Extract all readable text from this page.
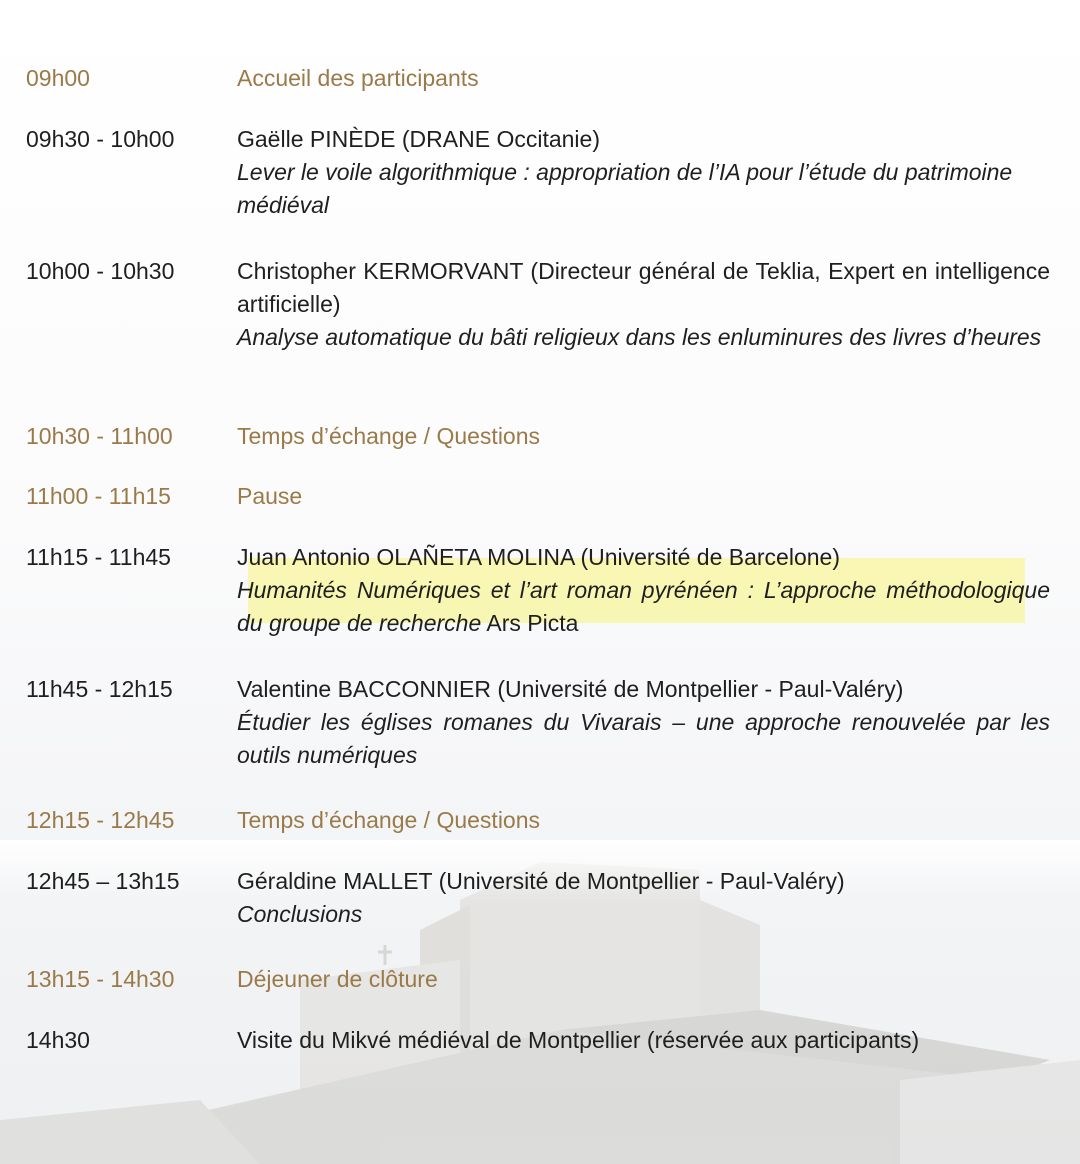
09h00	Accueil des participants
09h30 - 10h00	Gaëlle PINÈDE (DRANE Occitanie)
Lever le voile algorithmique : appropriation de l’IA pour l’étude du patrimoine médiéval
10h00 - 10h30	Christopher KERMORVANT (Directeur général de Teklia, Expert en intelligence artificielle)
Analyse automatique du bâti religieux dans les enluminures des livres d’heures
10h30 - 11h00	Temps d’échange / Questions
11h00 - 11h15	Pause
11h15 - 11h45	Juan Antonio OLAÑETA MOLINA (Université de Barcelone)
Humanités Numériques et l’art roman pyrénéen : L’approche méthodologique du groupe de recherche Ars Picta
11h45 - 12h15	Valentine BACCONNIER (Université de Montpellier - Paul-Valéry)
Étudier les églises romanes du Vivarais – une approche renouvelée par les outils numériques
12h15 - 12h45	Temps d’échange / Questions
12h45 – 13h15	Géraldine MALLET (Université de Montpellier - Paul-Valéry)
Conclusions
13h15 - 14h30	Déjeuner de clôture
14h30	Visite du Mikvé médiéval de Montpellier (réservée aux participants)
